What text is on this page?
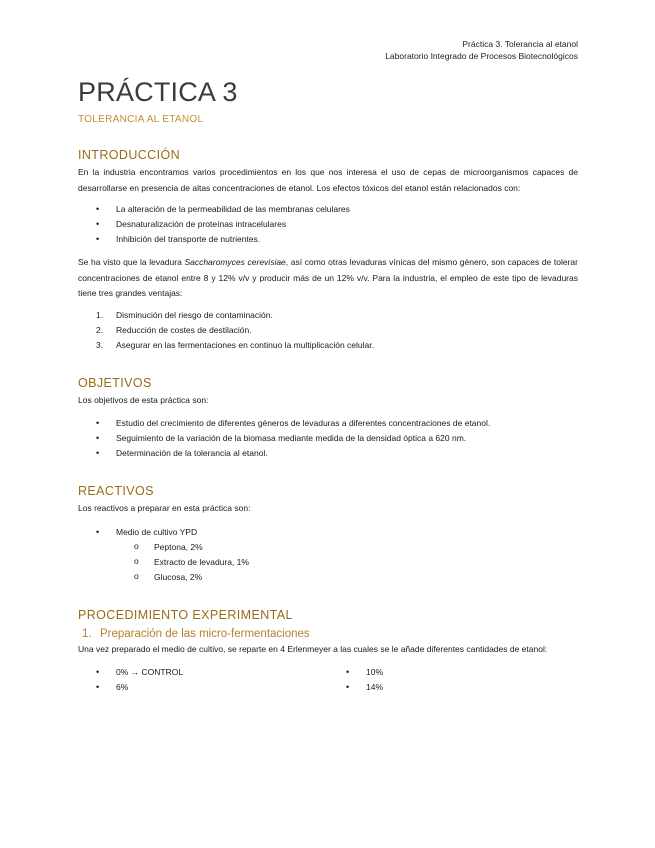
Práctica 3. Tolerancia al etanol
Laboratorio Integrado de Procesos Biotecnológicos
PRÁCTICA 3
TOLERANCIA AL ETANOL
INTRODUCCIÓN

En la industria encontramos varios procedimientos en los que nos interesa el uso de cepas de microorganismos capaces de desarrollarse en presencia de altas concentraciones de etanol. Los efectos tóxicos del etanol están relacionados con:

• La alteración de la permeabilidad de las membranas celulares
• Desnaturalización de proteínas intracelulares
• Inhibición del transporte de nutrientes.

Se ha visto que la levadura Saccharomyces cerevisiae, así como otras levaduras vínicas del mismo género, son capaces de tolerar concentraciones de etanol entre 8 y 12% v/v y producir más de un 12% v/v. Para la industria, el empleo de este tipo de levaduras tiene tres grandes ventajas:

1. Disminución del riesgo de contaminación.
2. Reducción de costes de destilación.
3. Asegurar en las fermentaciones en continuo la multiplicación celular.
OBJETIVOS

Los objetivos de esta práctica son:

• Estudio del crecimiento de diferentes géneros de levaduras a diferentes concentraciones de etanol.
• Seguimiento de la variación de la biomasa mediante medida de la densidad óptica a 620 nm.
• Determinación de la tolerancia al etanol.
REACTIVOS

Los reactivos a preparar en esta práctica son:

• Medio de cultivo YPD
o Peptona, 2%
o Extracto de levadura, 1%
o Glucosa, 2%
PROCEDIMIENTO EXPERIMENTAL
1. Preparación de las micro-fermentaciones

Una vez preparado el medio de cultivo, se reparte en 4 Erlenmeyer a las cuales se le añade diferentes cantidades de etanol:

• 0% → CONTROL
• 6%
• 10%
• 14%
